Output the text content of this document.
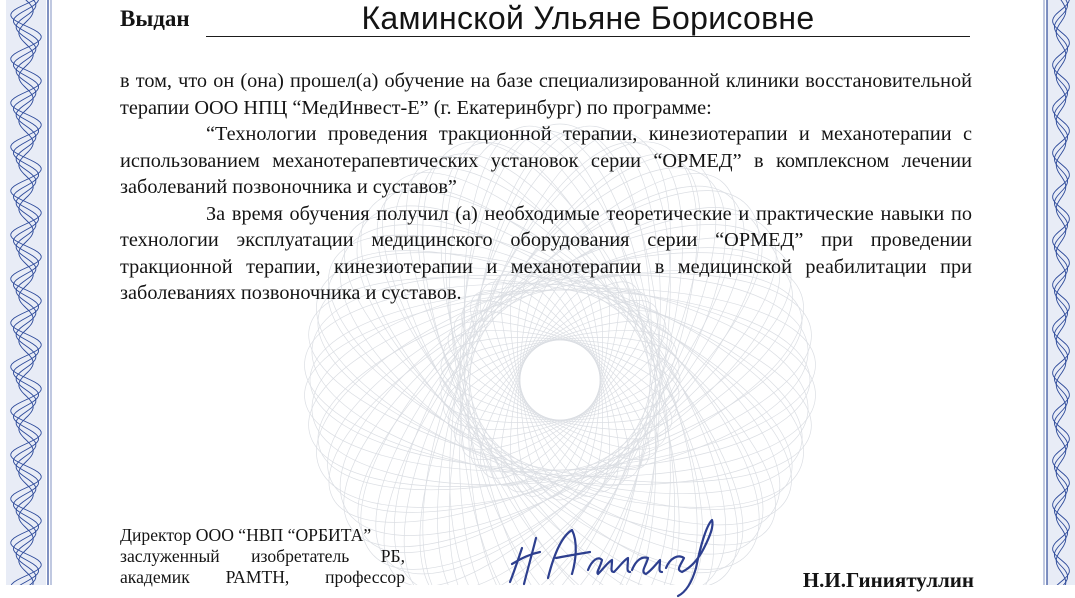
Выдан	Каминской Ульяне Борисовне

в том, что он (она) прошел(а) обучение на базе специализированной клиники восстановительной терапии ООО НПЦ “МедИнвест-Е” (г. Екатеринбург) по программе:

“Технологии проведения тракционной терапии, кинезиотерапии и механотерапии с использованием механотерапевтических установок серии “ОРМЕД” в комплексном лечении заболеваний позвоночника и суставов”

За время обучения получил (а) необходимые теоретические и практические навыки по технологии эксплуатации медицинского оборудования серии “ОРМЕД” при проведении тракционной терапии, кинезиотерапии и механотерапии в медицинской реабилитации при заболеваниях позвоночника и суставов.

Директор ООО “НВП “ОРБИТА”
заслуженный изобретатель РБ,
академик РАМТН, профессор	Н.И.Гиниятуллин
